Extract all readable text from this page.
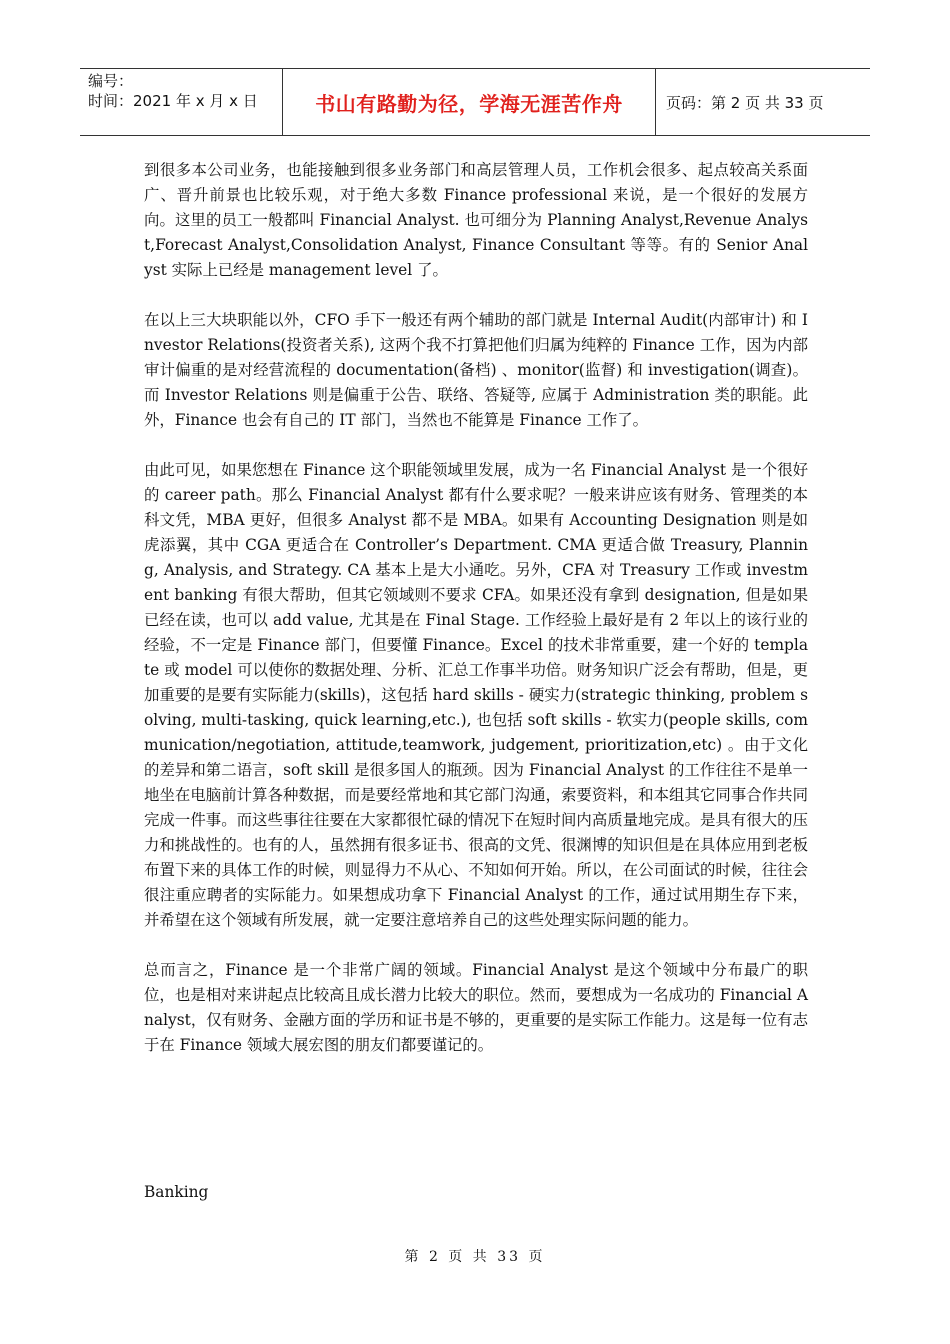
编号：
时间：2021 年 x 月 x 日	书山有路勤为径，学海无涯苦作舟	页码：第 2 页 共 33 页

到很多本公司业务，也能接触到很多业务部门和高层管理人员，工作机会很多、起点较高关系面广、晋升前景也比较乐观，对于绝大多数 Finance professional 来说，是一个很好的发展方向。这里的员工一般都叫 Financial Analyst. 也可细分为 Planning Analyst,Revenue Analyst,Forecast Analyst,Consolidation Analyst, Finance Consultant 等等。有的 Senior Analyst 实际上已经是 management level 了。

在以上三大块职能以外，CFO 手下一般还有两个辅助的部门就是 Internal Audit(内部审计) 和 Investor Relations(投资者关系), 这两个我不打算把他们归属为纯粹的 Finance 工作，因为内部审计偏重的是对经营流程的 documentation(备档) 、monitor(监督) 和 investigation(调查)。而 Investor Relations 则是偏重于公告、联络、答疑等, 应属于 Administration 类的职能。此外，Finance 也会有自己的 IT 部门，当然也不能算是 Finance 工作了。

由此可见，如果您想在 Finance 这个职能领域里发展，成为一名 Financial Analyst 是一个很好的 career path。那么 Financial Analyst 都有什么要求呢？一般来讲应该有财务、管理类的本科文凭，MBA 更好，但很多 Analyst 都不是 MBA。如果有 Accounting Designation 则是如虎添翼，其中 CGA 更适合在 Controller’s Department. CMA 更适合做 Treasury, Planning, Analysis, and Strategy. CA 基本上是大小通吃。另外，CFA 对 Treasury 工作或 investment banking 有很大帮助，但其它领域则不要求 CFA。如果还没有拿到 designation, 但是如果已经在读，也可以 add value, 尤其是在 Final Stage. 工作经验上最好是有 2 年以上的该行业的经验，不一定是 Finance 部门，但要懂 Finance。Excel 的技术非常重要，建一个好的 template 或 model 可以使你的数据处理、分析、汇总工作事半功倍。财务知识广泛会有帮助，但是，更加重要的是要有实际能力(skills)，这包括 hard skills - 硬实力(strategic thinking, problem solving, multi-tasking, quick learning,etc.), 也包括 soft skills - 软实力(people skills, communication/negotiation, attitude,teamwork, judgement, prioritization,etc) 。由于文化的差异和第二语言，soft skill 是很多国人的瓶颈。因为 Financial Analyst 的工作往往不是单一地坐在电脑前计算各种数据，而是要经常地和其它部门沟通，索要资料，和本组其它同事合作共同完成一件事。而这些事往往要在大家都很忙碌的情况下在短时间内高质量地完成。是具有很大的压力和挑战性的。也有的人，虽然拥有很多证书、很高的文凭、很渊博的知识但是在具体应用到老板布置下来的具体工作的时候，则显得力不从心、不知如何开始。所以，在公司面试的时候，往往会很注重应聘者的实际能力。如果想成功拿下 Financial Analyst 的工作，通过试用期生存下来，并希望在这个领域有所发展，就一定要注意培养自己的这些处理实际问题的能力。

总而言之，Finance 是一个非常广阔的领域。Financial Analyst 是这个领域中分布最广的职位，也是相对来讲起点比较高且成长潜力比较大的职位。然而，要想成为一名成功的 Financial Analyst，仅有财务、金融方面的学历和证书是不够的，更重要的是实际工作能力。这是每一位有志于在 Finance 领域大展宏图的朋友们都要谨记的。

Banking
第 2 页 共 33 页
